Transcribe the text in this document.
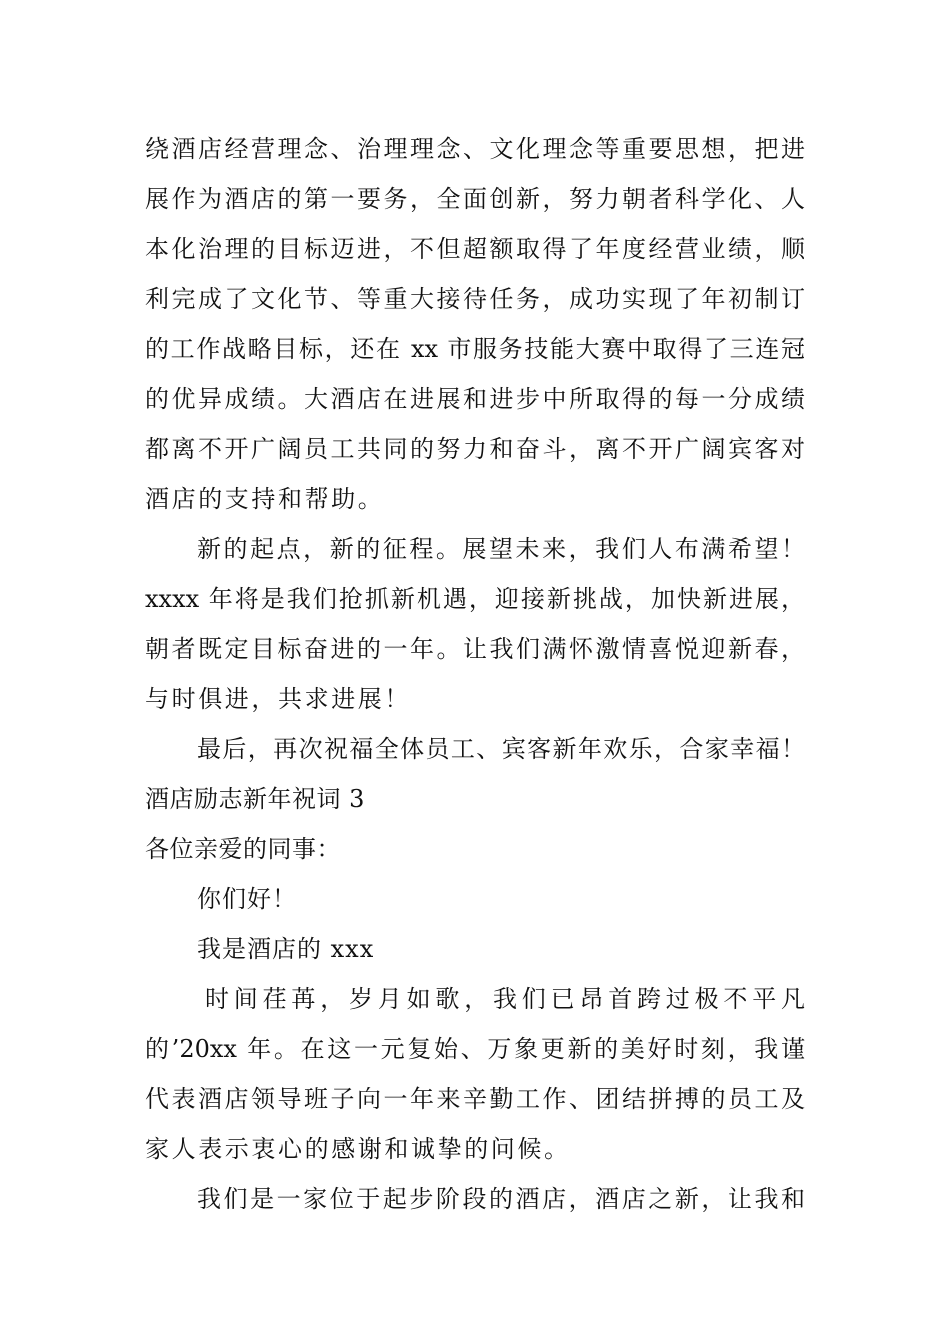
绕酒店经营理念、治理理念、文化理念等重要思想，把进
展作为酒店的第一要务，全面创新，努力朝者科学化、人
本化治理的目标迈进，不但超额取得了年度经营业绩，顺
利完成了文化节、等重大接待任务，成功实现了年初制订
的工作战略目标，还在 xx 市服务技能大赛中取得了三连冠
的优异成绩。大酒店在进展和进步中所取得的每一分成绩
都离不开广阔员工共同的努力和奋斗，离不开广阔宾客对
酒店的支持和帮助。
新的起点，新的征程。展望未来，我们人布满希望！
xxxx 年将是我们抢抓新机遇，迎接新挑战，加快新进展，
朝者既定目标奋进的一年。让我们满怀激情喜悦迎新春，
与时俱进，共求进展！
最后，再次祝福全体员工、宾客新年欢乐，合家幸福！
酒店励志新年祝词 3
各位亲爱的同事：
你们好！
我是酒店的 xxx
时间荏苒，岁月如歌，我们已昂首跨过极不平凡
的’20xx 年。在这一元复始、万象更新的美好时刻，我谨
代表酒店领导班子向一年来辛勤工作、团结拼搏的员工及
家人表示衷心的感谢和诚挚的问候。
我们是一家位于起步阶段的酒店，酒店之新，让我和
